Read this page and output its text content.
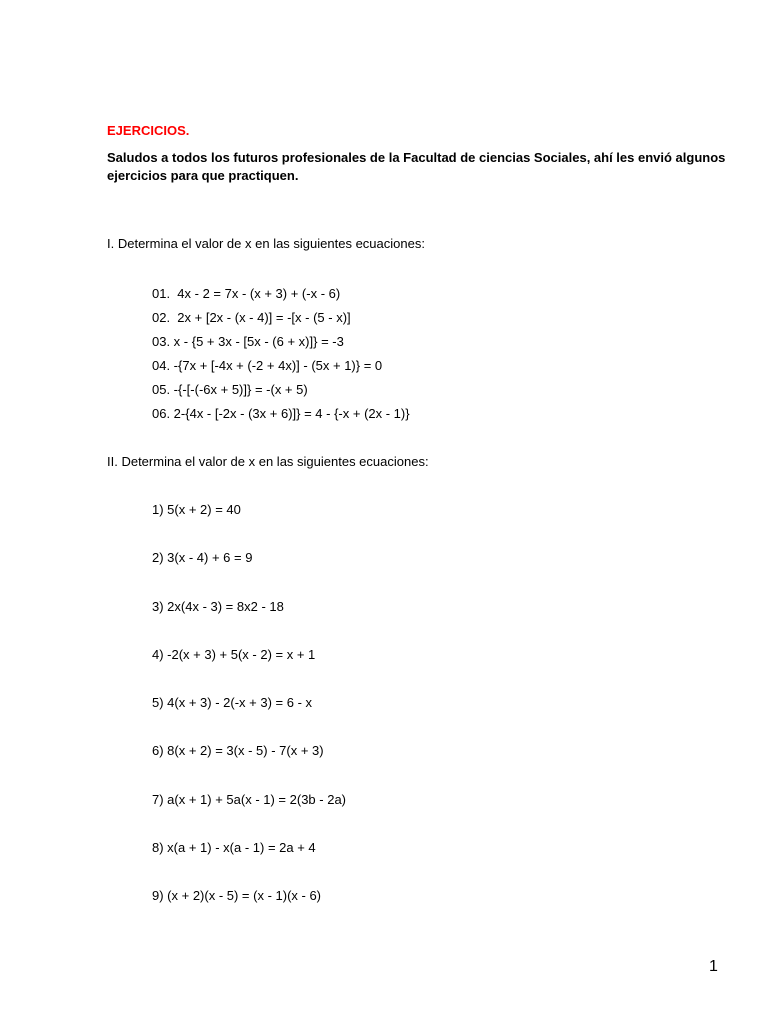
EJERCICIOS.
Saludos a todos los futuros profesionales de la Facultad de ciencias Sociales, ahí les envió algunos ejercicios para que practiquen.
I. Determina el valor de x en las siguientes ecuaciones:
01.  4x - 2 = 7x - (x + 3) + (-x - 6)
02.  2x + [2x - (x - 4)] = -[x - (5 - x)]
03. x - {5 + 3x - [5x - (6 + x)]} = -3
04. -{7x + [-4x + (-2 + 4x)] - (5x + 1)} = 0
05. -{-[-(-6x + 5)]} = -(x + 5)
06. 2-{4x - [-2x - (3x + 6)]} = 4 - {-x + (2x - 1)}
II. Determina el valor de x en las siguientes ecuaciones:
1) 5(x + 2) = 40
2) 3(x - 4) + 6 = 9
3) 2x(4x - 3) = 8x2 - 18
4) -2(x + 3) + 5(x - 2) = x + 1
5) 4(x + 3) - 2(-x + 3) = 6 - x
6) 8(x + 2) = 3(x - 5) - 7(x + 3)
7) a(x + 1) + 5a(x - 1) = 2(3b - 2a)
8) x(a + 1) - x(a - 1) = 2a + 4
9) (x + 2)(x - 5) = (x - 1)(x - 6)
1
